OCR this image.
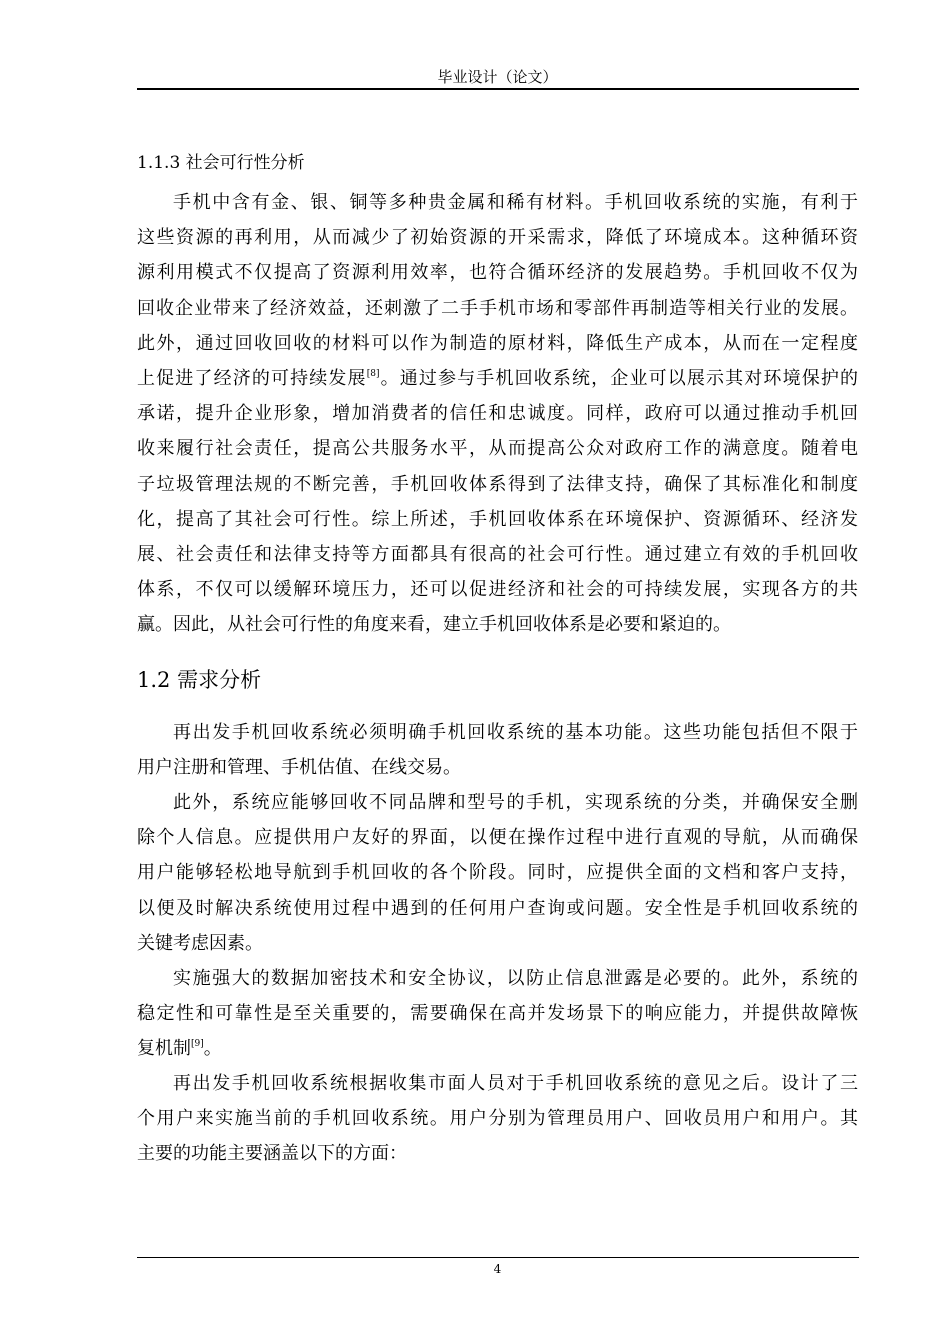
毕业设计（论文）
1.1.3 社会可行性分析
手机中含有金、银、铜等多种贵金属和稀有材料。手机回收系统的实施，有利于
这些资源的再利用，从而减少了初始资源的开采需求，降低了环境成本。这种循环资
源利用模式不仅提高了资源利用效率，也符合循环经济的发展趋势。手机回收不仅为
回收企业带来了经济效益，还刺激了二手手机市场和零部件再制造等相关行业的发展。
此外，通过回收回收的材料可以作为制造的原材料，降低生产成本，从而在一定程度
上促进了经济的可持续发展[8]。通过参与手机回收系统，企业可以展示其对环境保护的
承诺，提升企业形象，增加消费者的信任和忠诚度。同样，政府可以通过推动手机回
收来履行社会责任，提高公共服务水平，从而提高公众对政府工作的满意度。随着电
子垃圾管理法规的不断完善，手机回收体系得到了法律支持，确保了其标准化和制度
化，提高了其社会可行性。综上所述，手机回收体系在环境保护、资源循环、经济发
展、社会责任和法律支持等方面都具有很高的社会可行性。通过建立有效的手机回收
体系，不仅可以缓解环境压力，还可以促进经济和社会的可持续发展，实现各方的共
赢。因此，从社会可行性的角度来看，建立手机回收体系是必要和紧迫的。
1.2 需求分析
再出发手机回收系统必须明确手机回收系统的基本功能。这些功能包括但不限于
用户注册和管理、手机估值、在线交易。
此外，系统应能够回收不同品牌和型号的手机，实现系统的分类，并确保安全删
除个人信息。应提供用户友好的界面，以便在操作过程中进行直观的导航，从而确保
用户能够轻松地导航到手机回收的各个阶段。同时，应提供全面的文档和客户支持，
以便及时解决系统使用过程中遇到的任何用户查询或问题。安全性是手机回收系统的
关键考虑因素。
实施强大的数据加密技术和安全协议，以防止信息泄露是必要的。此外，系统的
稳定性和可靠性是至关重要的，需要确保在高并发场景下的响应能力，并提供故障恢
复机制[9]。
再出发手机回收系统根据收集市面人员对于手机回收系统的意见之后。设计了三
个用户来实施当前的手机回收系统。用户分别为管理员用户、回收员用户和用户。其
主要的功能主要涵盖以下的方面：
4
